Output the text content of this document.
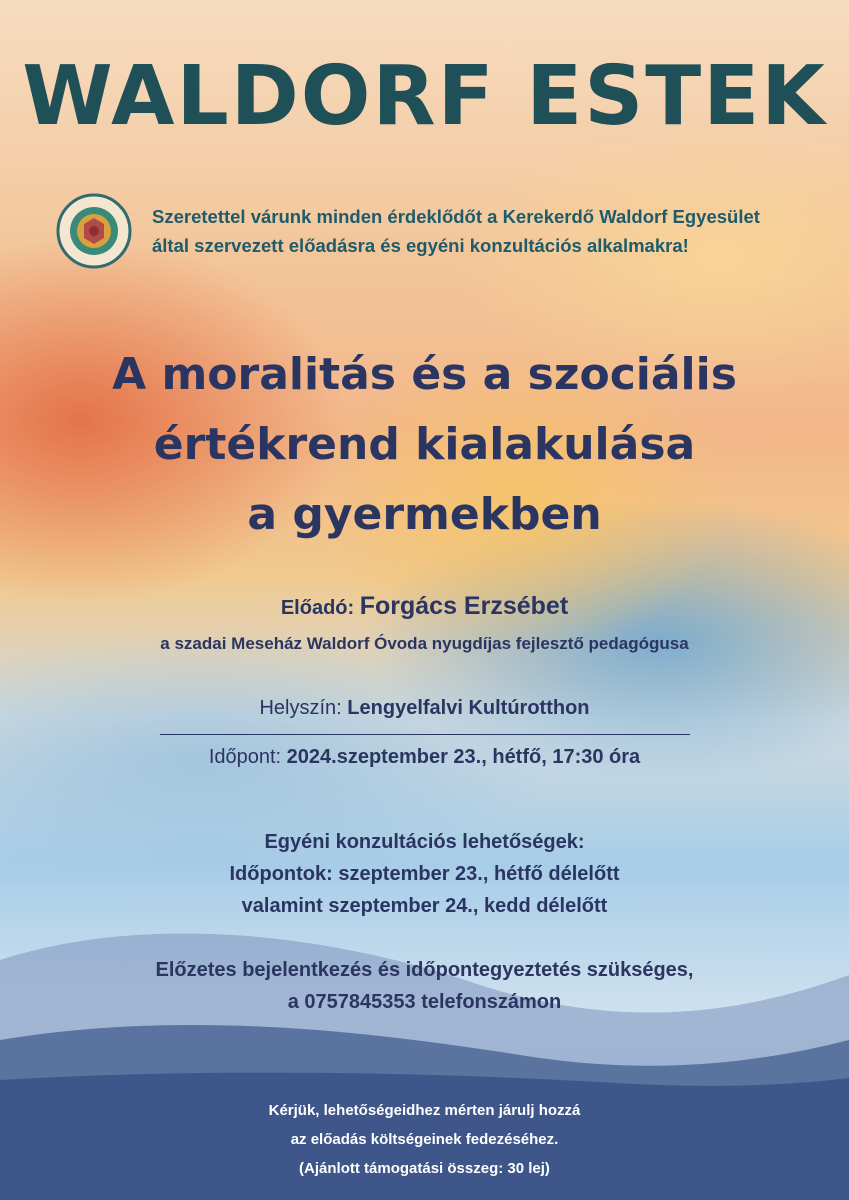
WALDORF ESTEK
Szeretettel várunk minden érdeklődőt a Kerekerdő Waldorf Egyesület
által szervezett előadásra és egyéni konzultációs alkalmakra!
A moralitás és a szociális
értékrend kialakulása
a gyermekben
Előadó: Forgács Erzsébet
a szadai Meseház Waldorf Óvoda nyugdíjas fejlesztő pedagógusa
Helyszín: Lengyelfalvi Kultúrotthon
Időpont: 2024.szeptember 23., hétfő, 17:30 óra
Egyéni konzultációs lehetőségek:
Időpontok: szeptember 23., hétfő délelőtt
valamint szeptember 24., kedd délelőtt
Előzetes bejelentkezés és időpontegyeztetés szükséges,
a 0757845353 telefonszámon
Kérjük, lehetőségeidhez mérten járulj hozzá
az előadás költségeinek fedezéséhez.
(Ajánlott támogatási összeg: 30 lej)
